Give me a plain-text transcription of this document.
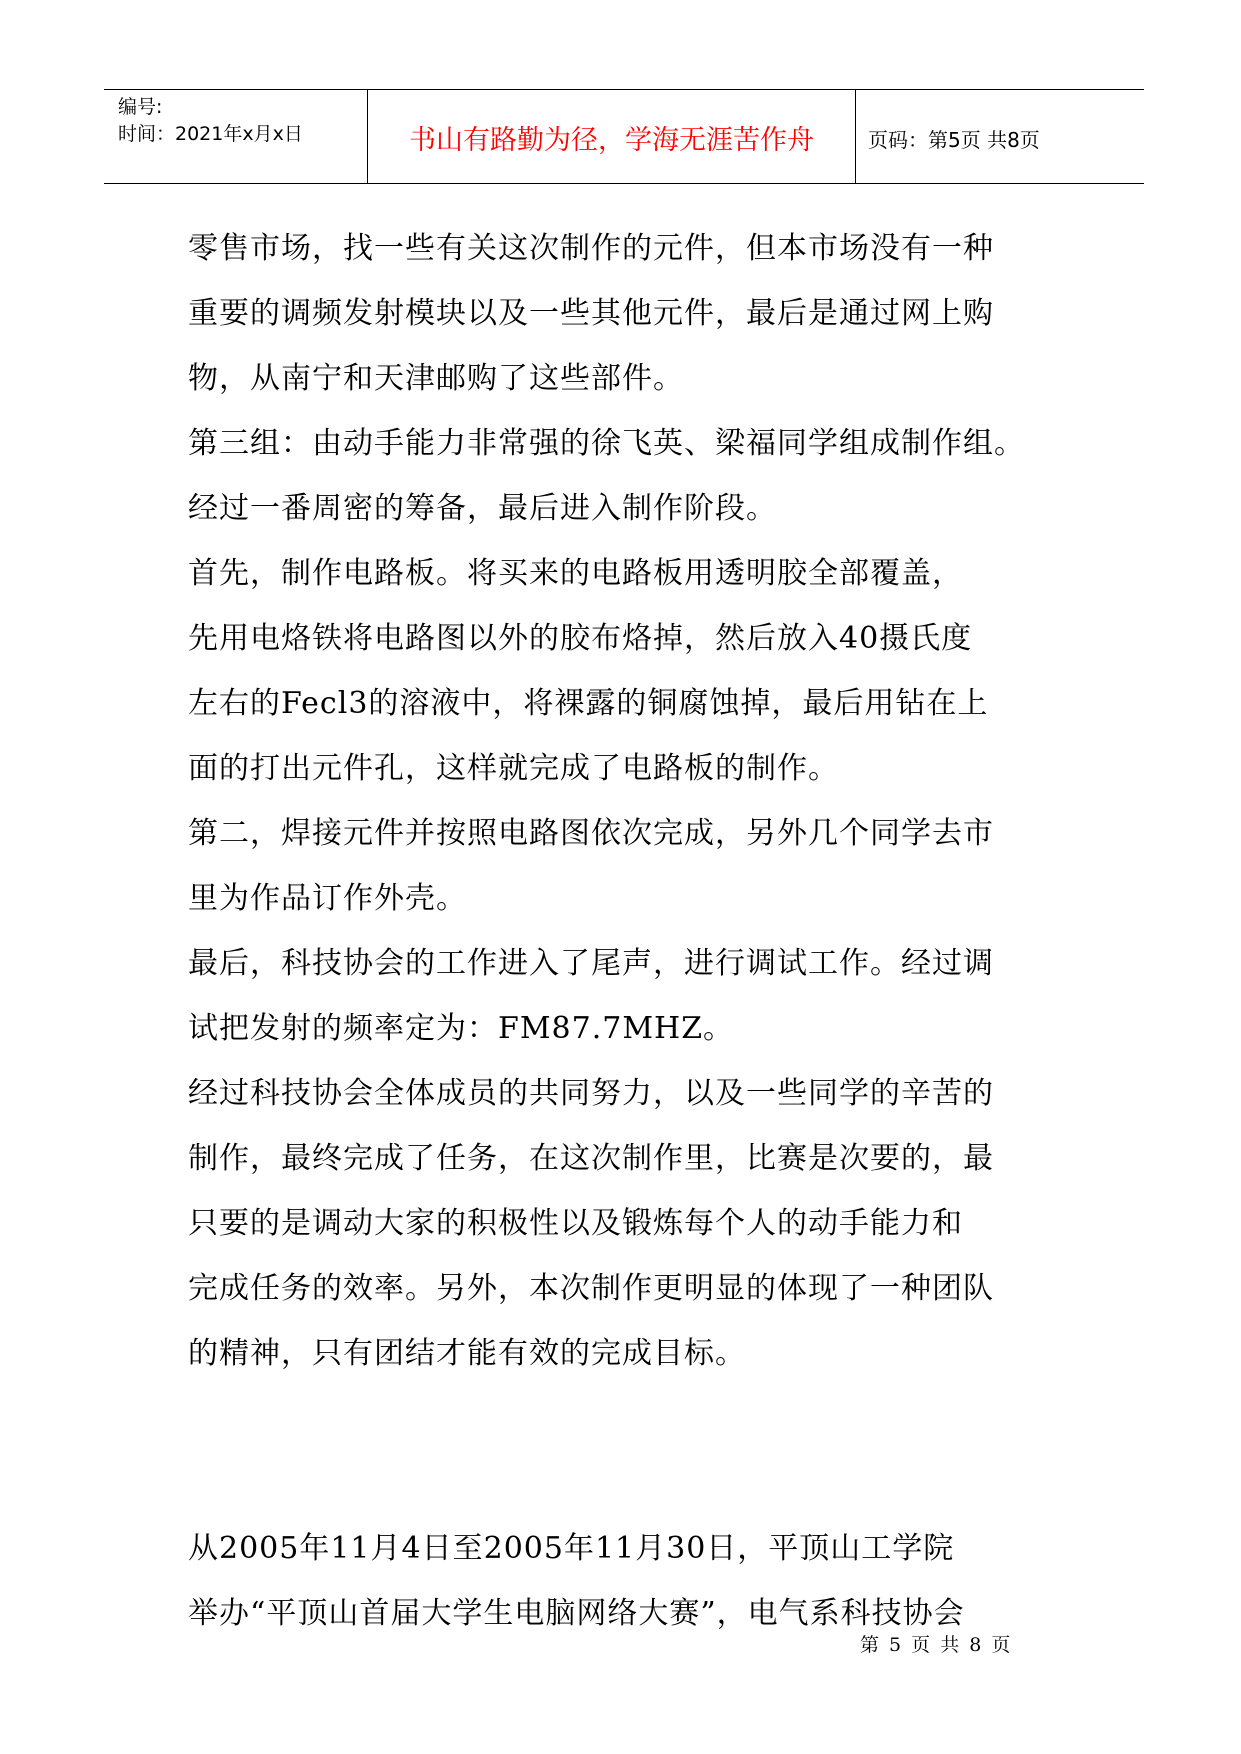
编号:
时间：2021年x月x日	书山有路勤为径，学海无涯苦作舟	页码：第5页 共8页

零售市场，找一些有关这次制作的元件，但本市场没有一种

重要的调频发射模块以及一些其他元件，最后是通过网上购

物，从南宁和天津邮购了这些部件。

第三组：由动手能力非常强的徐飞英、梁福同学组成制作组。

经过一番周密的筹备，最后进入制作阶段。

首先，制作电路板。将买来的电路板用透明胶全部覆盖，

先用电烙铁将电路图以外的胶布烙掉，然后放入40摄氏度

左右的Fecl3的溶液中，将裸露的铜腐蚀掉，最后用钻在上

面的打出元件孔，这样就完成了电路板的制作。

第二，焊接元件并按照电路图依次完成，另外几个同学去市

里为作品订作外壳。

最后，科技协会的工作进入了尾声，进行调试工作。经过调

试把发射的频率定为：FM87.7MHZ。

经过科技协会全体成员的共同努力，以及一些同学的辛苦的

制作，最终完成了任务，在这次制作里，比赛是次要的，最

只要的是调动大家的积极性以及锻炼每个人的动手能力和

完成任务的效率。另外，本次制作更明显的体现了一种团队

的精神，只有团结才能有效的完成目标。

从2005年11月4日至2005年11月30日，平顶山工学院

举办“平顶山首届大学生电脑网络大赛”，电气系科技协会

第 5 页 共 8 页
